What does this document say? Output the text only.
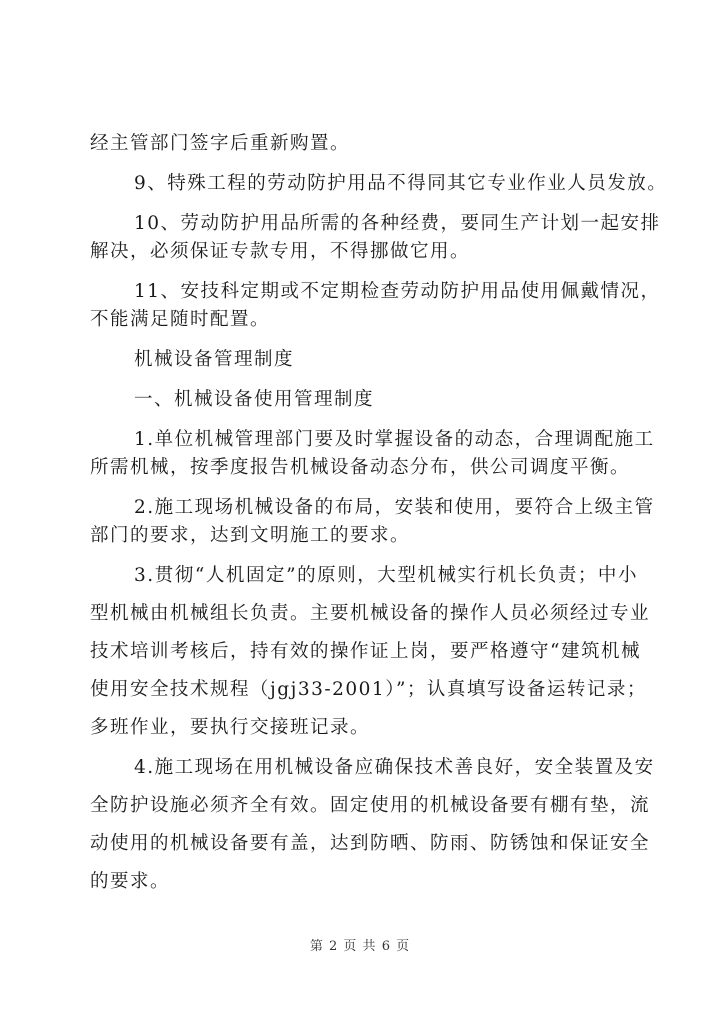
经主管部门签字后重新购置。
9、特殊工程的劳动防护用品不得同其它专业作业人员发放。
10、劳动防护用品所需的各种经费，要同生产计划一起安排
解决，必须保证专款专用，不得挪做它用。
11、安技科定期或不定期检查劳动防护用品使用佩戴情况，
不能满足随时配置。
机械设备管理制度
一、机械设备使用管理制度
1.单位机械管理部门要及时掌握设备的动态，合理调配施工
所需机械，按季度报告机械设备动态分布，供公司调度平衡。
2.施工现场机械设备的布局，安装和使用，要符合上级主管
部门的要求，达到文明施工的要求。
3.贯彻“人机固定”的原则，大型机械实行机长负责；中小
型机械由机械组长负责。主要机械设备的操作人员必须经过专业
技术培训考核后，持有效的操作证上岗，要严格遵守“建筑机械
使用安全技术规程（jgj33-2001）”；认真填写设备运转记录；
多班作业，要执行交接班记录。
4.施工现场在用机械设备应确保技术善良好，安全装置及安
全防护设施必须齐全有效。固定使用的机械设备要有棚有垫，流
动使用的机械设备要有盖，达到防晒、防雨、防锈蚀和保证安全
的要求。
第 2 页 共 6 页
